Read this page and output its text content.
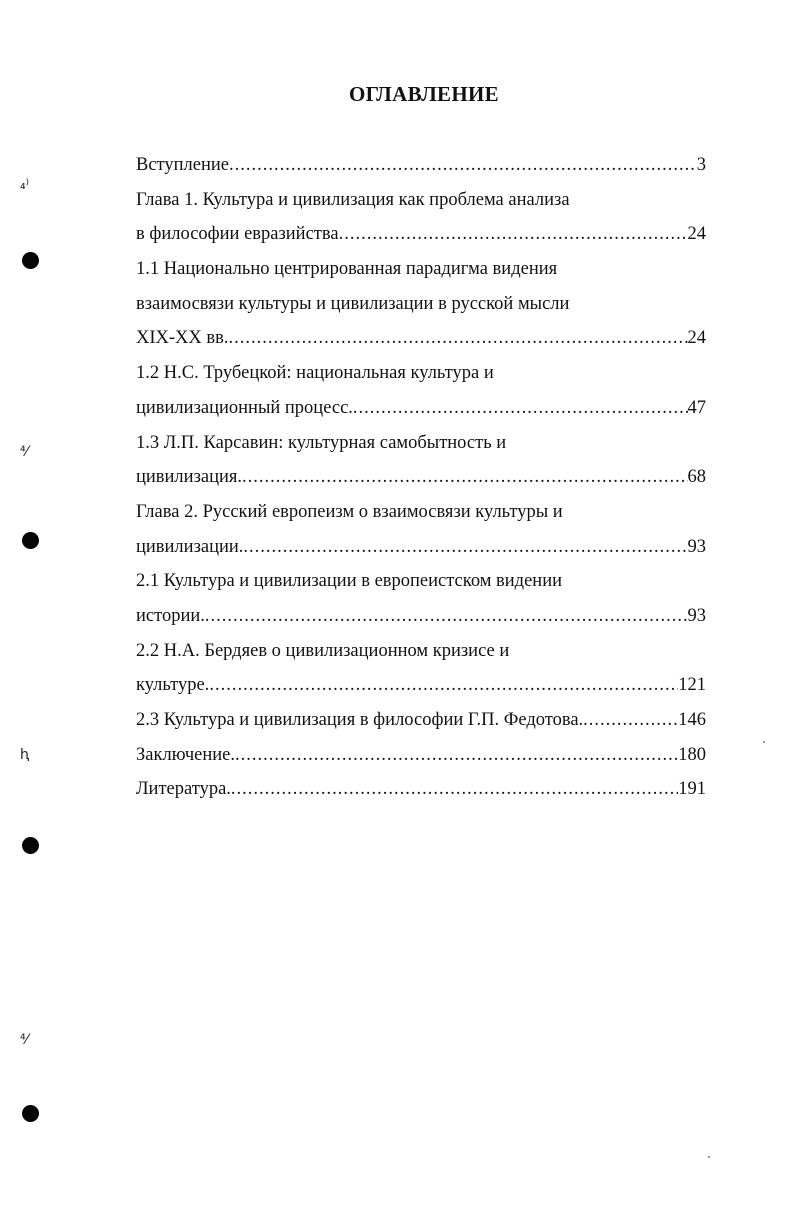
₄⁾
⁴⁄
ⱨ
⁴⁄
ОГЛАВЛЕНИЕ
Вступление .....	3
Глава 1. Культура и цивилизация как проблема анализа
в философии евразийства .....	24
1.1 Национально центрированная парадигма видения
взаимосвязи культуры и цивилизации в русской мысли
XIX-XX вв. .....	24
1.2 Н.С. Трубецкой: национальная культура и
цивилизационный процесс. .....	47
1.3 Л.П. Карсавин: культурная самобытность и
цивилизация. .....	68
Глава 2. Русский европеизм о взаимосвязи культуры и
цивилизации. .....	93
2.1 Культура и цивилизации в европеистском видении
истории. .....	93
2.2 Н.А. Бердяев о цивилизационном кризисе и
культуре. .....	121
2.3 Культура и цивилизация в философии Г.П. Федотова. .....	146
Заключение. .....	180
Литература. .....	191
